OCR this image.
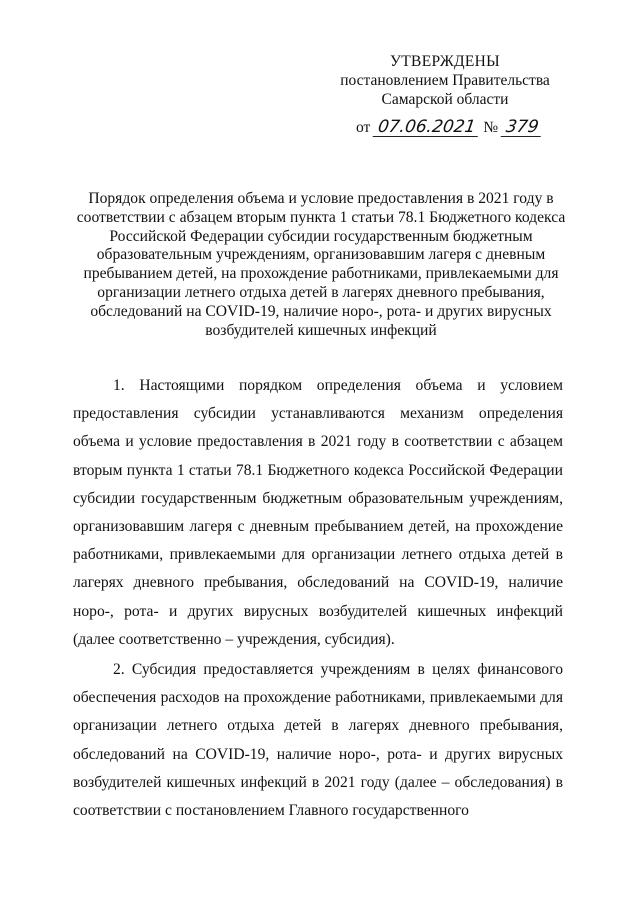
УТВЕРЖДЕНЫ
постановлением Правительства
Самарской области
от 07.06.2021 № 379
Порядок определения объема и условие предоставления в 2021 году в соответствии с абзацем вторым пункта 1 статьи 78.1 Бюджетного кодекса Российской Федерации субсидии государственным бюджетным образовательным учреждениям, организовавшим лагеря с дневным пребыванием детей, на прохождение работниками, привлекаемыми для организации летнего отдыха детей в лагерях дневного пребывания, обследований на COVID-19, наличие норо-, рота- и других вирусных возбудителей кишечных инфекций

1. Настоящими порядком определения объема и условием предоставления субсидии устанавливаются механизм определения объема и условие предоставления в 2021 году в соответствии с абзацем вторым пункта 1 статьи 78.1 Бюджетного кодекса Российской Федерации субсидии государственным бюджетным образовательным учреждениям, организовавшим лагеря с дневным пребыванием детей, на прохождение работниками, привлекаемыми для организации летнего отдыха детей в лагерях дневного пребывания, обследований на COVID-19, наличие норо-, рота- и других вирусных возбудителей кишечных инфекций (далее соответственно – учреждения, субсидия).

2. Субсидия предоставляется учреждениям в целях финансового обеспечения расходов на прохождение работниками, привлекаемыми для организации летнего отдыха детей в лагерях дневного пребывания, обследований на COVID-19, наличие норо-, рота- и других вирусных возбудителей кишечных инфекций в 2021 году (далее – обследования) в соответствии с постановлением Главного государственного
